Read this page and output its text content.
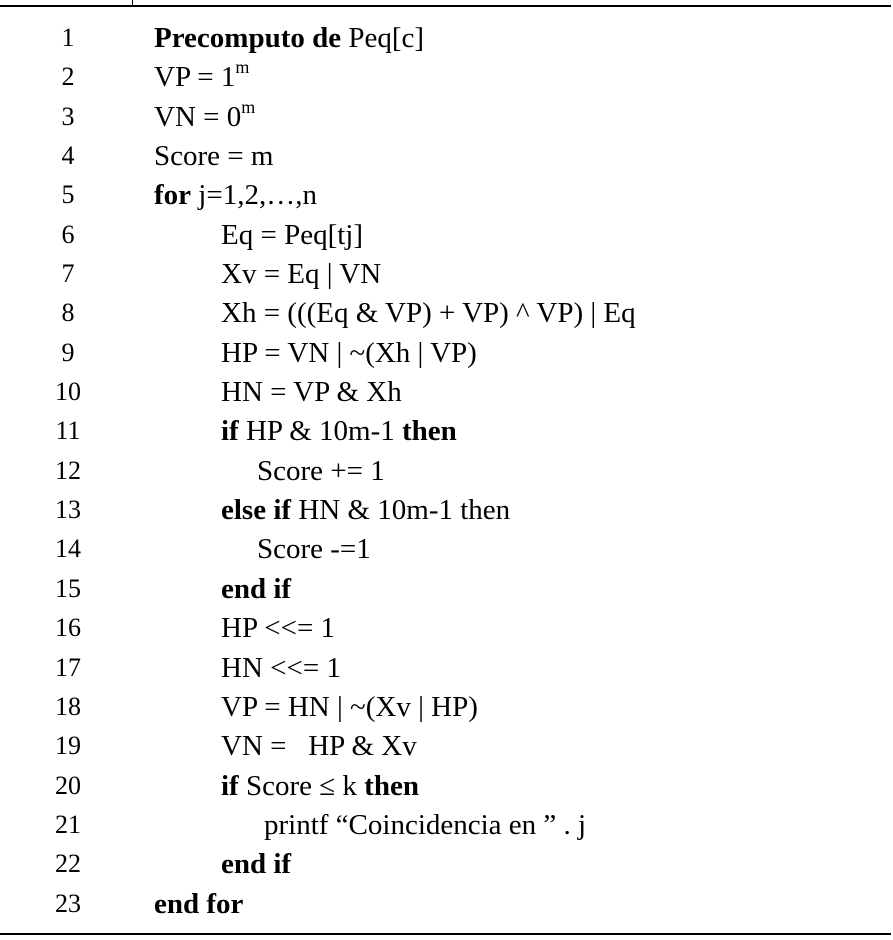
1	Precomputo de Peq[c]
2	VP = $1^m$
3	VN = $0^m$
4	Score = m
5	for j=1,2,…,n
6	Eq = Peq[tj]
7	Xv = Eq | VN
8	Xh = (((Eq & VP) + VP) ^ VP) | Eq
9	HP = VN | ~(Xh | VP)
10	HN = VP & Xh
11	if HP & 10m-1 then
12	Score += 1
13	else if HN & 10m-1 then
14	Score -=1
15	end if
16	HP <<= 1
17	HN <<= 1
18	VP = HN | ~(Xv | HP)
19	VN =   HP & Xv
20	if Score ≤ k then
21	printf “Coincidencia en ” . j
22	end if
23	end for
